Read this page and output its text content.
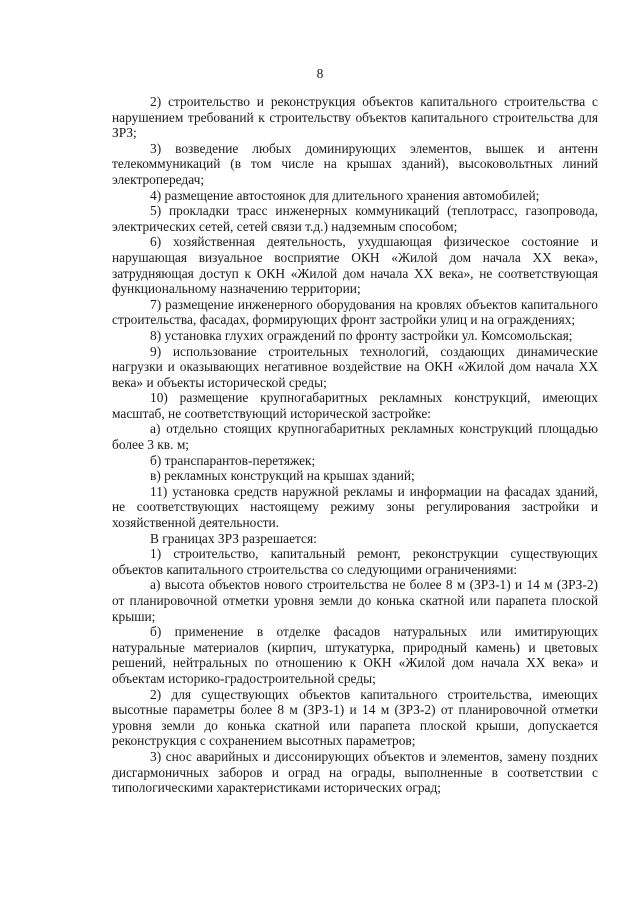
8

2) строительство и реконструкция объектов капитального строительства с нарушением требований к строительству объектов капитального строительства для ЗРЗ;

3) возведение любых доминирующих элементов, вышек и антенн телекоммуникаций (в том числе на крышах зданий), высоковольтных линий электропередач;

4) размещение автостоянок для длительного хранения автомобилей;

5) прокладки трасс инженерных коммуникаций (теплотрасс, газопровода, электрических сетей, сетей связи т.д.) надземным способом;

6) хозяйственная деятельность, ухудшающая физическое состояние и нарушающая визуальное восприятие ОКН «Жилой дом начала XX века», затрудняющая доступ к ОКН «Жилой дом начала XX века», не соответствующая функциональному назначению территории;

7) размещение инженерного оборудования на кровлях объектов капитального строительства, фасадах, формирующих фронт застройки улиц и на ограждениях;

8) установка глухих ограждений по фронту застройки ул. Комсомольская;

9) использование строительных технологий, создающих динамические нагрузки и оказывающих негативное воздействие на ОКН «Жилой дом начала XX века» и объекты исторической среды;

10) размещение крупногабаритных рекламных конструкций, имеющих масштаб, не соответствующий исторической застройке:

а) отдельно стоящих крупногабаритных рекламных конструкций площадью более 3 кв. м;

б) транспарантов-перетяжек;

в) рекламных конструкций на крышах зданий;

11) установка средств наружной рекламы и информации на фасадах зданий, не соответствующих настоящему режиму зоны регулирования застройки и хозяйственной деятельности.

В границах ЗРЗ разрешается:

1) строительство, капитальный ремонт, реконструкции существующих объектов капитального строительства со следующими ограничениями:

а) высота объектов нового строительства не более 8 м (ЗРЗ-1) и 14 м (ЗРЗ-2) от планировочной отметки уровня земли до конька скатной или парапета плоской крыши;

б) применение в отделке фасадов натуральных или имитирующих натуральные материалов (кирпич, штукатурка, природный камень) и цветовых решений, нейтральных по отношению к ОКН «Жилой дом начала XX века» и объектам историко-градостроительной среды;

2) для существующих объектов капитального строительства, имеющих высотные параметры более 8 м (ЗРЗ-1) и 14 м (ЗРЗ-2) от планировочной отметки уровня земли до конька скатной или парапета плоской крыши, допускается реконструкция с сохранением высотных параметров;

3) снос аварийных и диссонирующих объектов и элементов, замену поздних дисгармоничных заборов и оград на ограды, выполненные в соответствии с типологическими характеристиками исторических оград;
